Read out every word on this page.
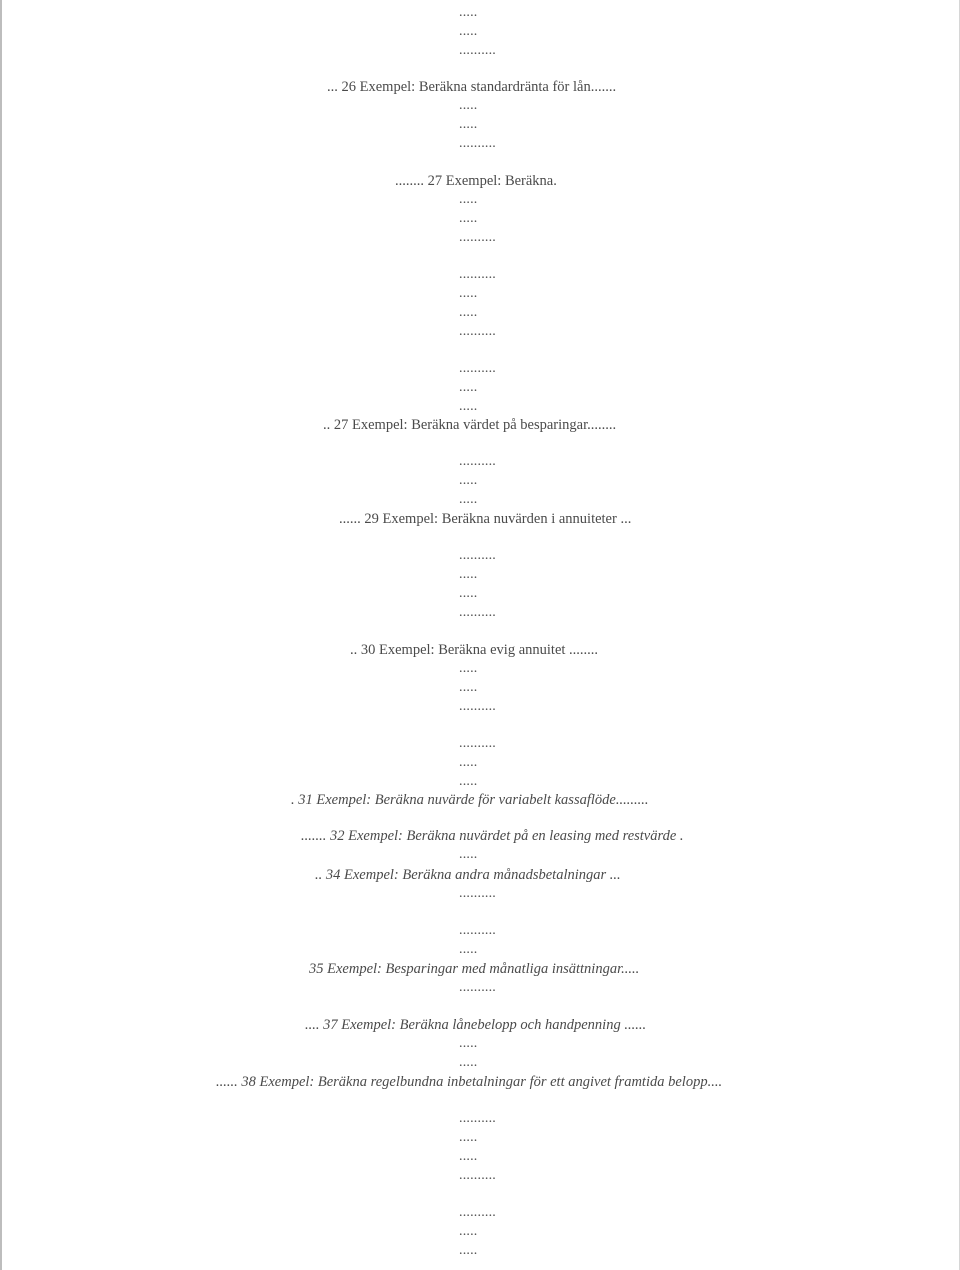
.....
.....
..........
... 26 Exempel: Beräkna standardränta för lån.......
.....
.....
..........
........ 27 Exempel: Beräkna.
.....
.....
..........
..........
.....
.....
..........
..........
.....
.....
.. 27 Exempel: Beräkna värdet på besparingar........
..........
.....
.....
...... 29 Exempel: Beräkna nuvärden i annuiteter ...
..........
.....
.....
..........
.. 30 Exempel: Beräkna evig annuitet ........
.....
.....
..........
..........
.....
.....
. 31 Exempel: Beräkna nuvärde för variabelt kassaflöde.........
....... 32 Exempel: Beräkna nuvärdet på en leasing med restvärde .
.....
.. 34 Exempel: Beräkna andra månadsbetalningar ...
..........
..........
.....
35 Exempel: Besparingar med månatliga insättningar.....
..........
.... 37 Exempel: Beräkna lånebelopp och handpenning ......
.....
.....
...... 38 Exempel: Beräkna regelbundna inbetalningar för ett angivet framtida belopp....
..........
.....
.....
..........
..........
.....
.....
